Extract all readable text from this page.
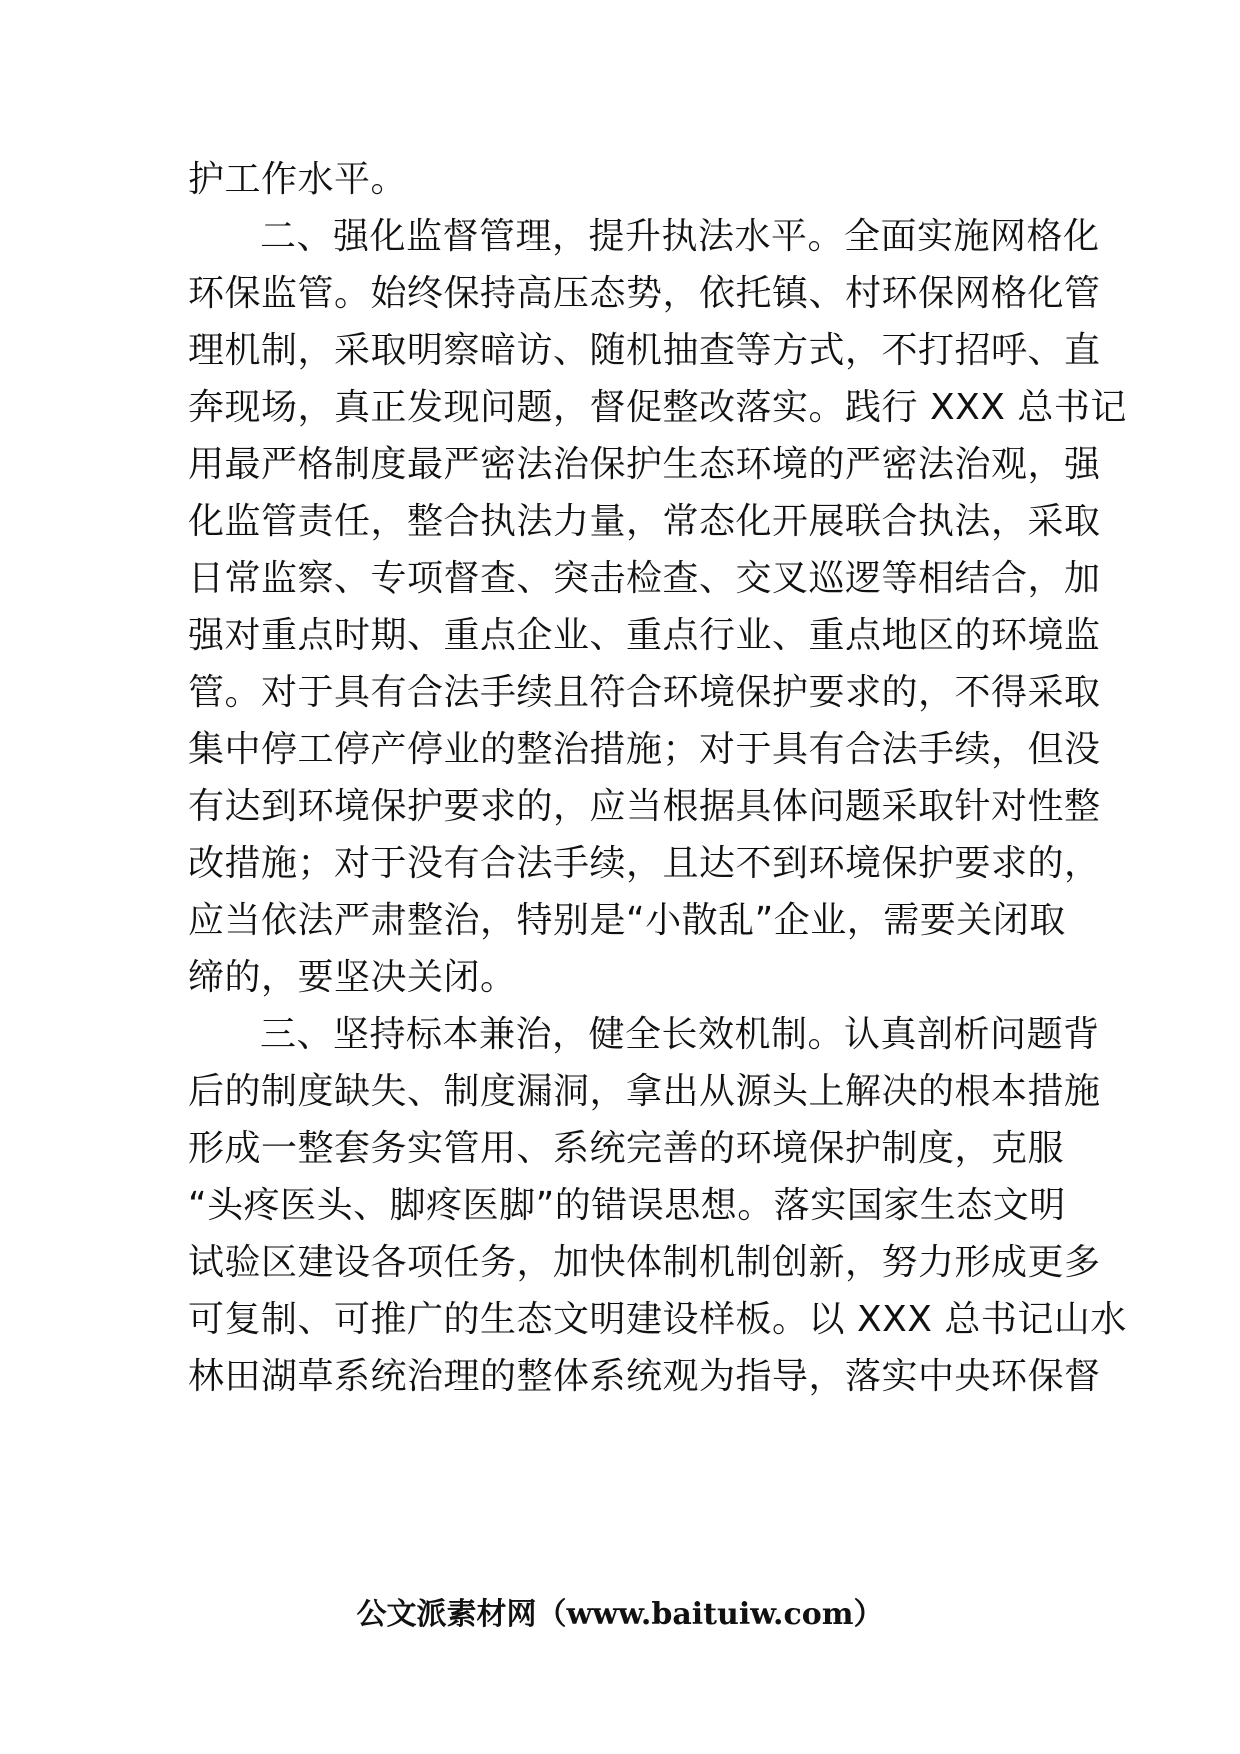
护工作水平。
二、强化监督管理，提升执法水平。全面实施网格化
环保监管。始终保持高压态势，依托镇、村环保网格化管
理机制，采取明察暗访、随机抽查等方式，不打招呼、直
奔现场，真正发现问题，督促整改落实。践行 XXX 总书记
用最严格制度最严密法治保护生态环境的严密法治观，强
化监管责任，整合执法力量，常态化开展联合执法，采取
日常监察、专项督查、突击检查、交叉巡逻等相结合，加
强对重点时期、重点企业、重点行业、重点地区的环境监
管。对于具有合法手续且符合环境保护要求的，不得采取
集中停工停产停业的整治措施；对于具有合法手续，但没
有达到环境保护要求的，应当根据具体问题采取针对性整
改措施；对于没有合法手续，且达不到环境保护要求的，
应当依法严肃整治，特别是“小散乱”企业，需要关闭取
缔的，要坚决关闭。
三、坚持标本兼治，健全长效机制。认真剖析问题背
后的制度缺失、制度漏洞，拿出从源头上解决的根本措施
形成一整套务实管用、系统完善的环境保护制度，克服
“头疼医头、脚疼医脚”的错误思想。落实国家生态文明
试验区建设各项任务，加快体制机制创新，努力形成更多
可复制、可推广的生态文明建设样板。以 XXX 总书记山水
林田湖草系统治理的整体系统观为指导，落实中央环保督
公文派素材网（www.baituiw.com）
